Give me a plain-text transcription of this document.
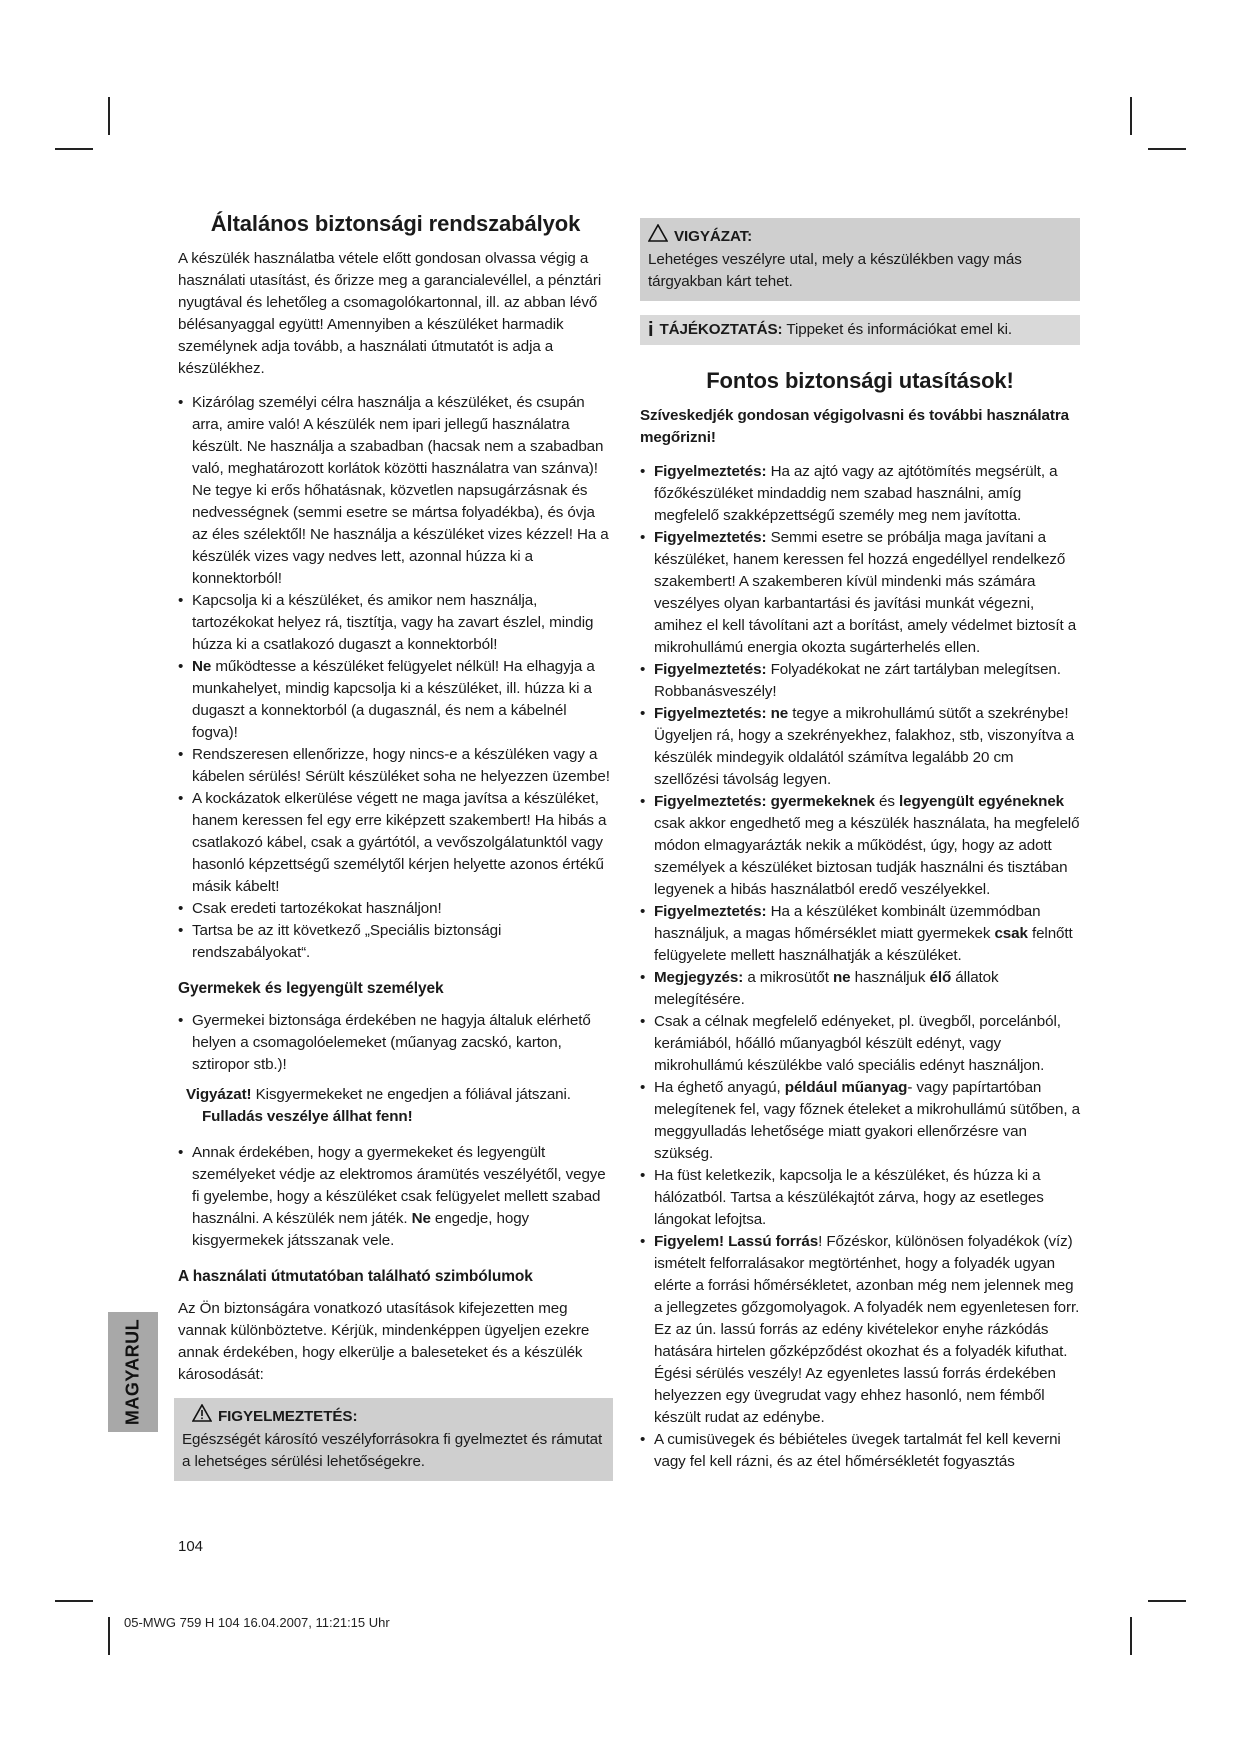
Általános biztonsági rendszabályok

A készülék használatba vétele előtt gondosan olvassa végig a használati utasítást, és őrizze meg a garancialevéllel, a pénztári nyugtával és lehetőleg a csomagolókartonnal, ill. az abban lévő bélésanyaggal együtt! Amennyiben a készüléket harmadik személynek adja tovább, a használati útmutatót is adja a készülékhez.

• Kizárólag személyi célra használja a készüléket, és csupán arra, amire való! A készülék nem ipari jellegű használatra készült. Ne használja a szabadban (hacsak nem a szabadban való, meghatározott korlátok közötti használatra van szánva)! Ne tegye ki erős hőhatásnak, közvetlen napsugárzásnak és nedvességnek (semmi esetre se mártsa folyadékba), és óvja az éles szélektől! Ne használja a készüléket vizes kézzel! Ha a készülék vizes vagy nedves lett, azonnal húzza ki a konnektorból!
• Kapcsolja ki a készüléket, és amikor nem használja, tartozékokat helyez rá, tisztítja, vagy ha zavart észlel, mindig húzza ki a csatlakozó dugaszt a konnektorból!
• Ne működtesse a készüléket felügyelet nélkül! Ha elhagyja a munkahelyet, mindig kapcsolja ki a készüléket, ill. húzza ki a dugaszt a konnektorból (a dugasznál, és nem a kábelnél fogva)!
• Rendszeresen ellenőrizze, hogy nincs-e a készüléken vagy a kábelen sérülés! Sérült készüléket soha ne helyezzen üzembe!
• A kockázatok elkerülése végett ne maga javítsa a készüléket, hanem keressen fel egy erre kiképzett szakembert! Ha hibás a csatlakozó kábel, csak a gyártótól, a vevőszolgálatunktól vagy hasonló képzettségű személytől kérjen helyette azonos értékű másik kábelt!
• Csak eredeti tartozékokat használjon!
• Tartsa be az itt következő „Speciális biztonsági rendszabályokat“.
Gyermekek és legyengült személyek
• Gyermekei biztonsága érdekében ne hagyja általuk elérhető helyen a csomagolóelemeket (műanyag zacskó, karton, sztiropor stb.)!
Vigyázat! Kisgyermekeket ne engedjen a fóliával játszani.
Fulladás veszélye állhat fenn!
• Annak érdekében, hogy a gyermekeket és legyengült személyeket védje az elektromos áramütés veszélyétől, vegye fi gyelembe, hogy a készüléket csak felügyelet mellett szabad használni. A készülék nem játék. Ne engedje, hogy kisgyermekek játsszanak vele.
A használati útmutatóban található szimbólumok

Az Ön biztonságára vonatkozó utasítások kifejezetten meg vannak különböztetve. Kérjük, mindenképpen ügyeljen ezekre annak érdekében, hogy elkerülje a baleseteket és a készülék károsodását:

FIGYELMEZTETÉS:
Egészségét károsító veszélyforrásokra fi gyelmeztet és rámutat a lehetséges sérülési lehetőségekre.
VIGYÁZAT:
Lehetéges veszélyre utal, mely a készülékben vagy más tárgyakban kárt tehet.
i TÁJÉKOZTATÁS: Tippeket és információkat emel ki.
Fontos biztonsági utasítások!

Szíveskedjék gondosan végigolvasni és további használatra megőrizni!

• Figyelmeztetés: Ha az ajtó vagy az ajtótömítés megsérült, a főzőkészüléket mindaddig nem szabad használni, amíg megfelelő szakképzettségű személy meg nem javította.
• Figyelmeztetés: Semmi esetre se próbálja maga javítani a készüléket, hanem keressen fel hozzá engedéllyel rendelkező szakembert! A szakemberen kívül mindenki más számára veszélyes olyan karbantartási és javítási munkát végezni, amihez el kell távolítani azt a borítást, amely védelmet biztosít a mikrohullámú energia okozta sugárterhelés ellen.
• Figyelmeztetés: Folyadékokat ne zárt tartályban melegítsen. Robbanásveszély!
• Figyelmeztetés: ne tegye a mikrohullámú sütőt a szekrénybe! Ügyeljen rá, hogy a szekrényekhez, falakhoz, stb, viszonyítva a készülék mindegyik oldalától számítva legalább 20 cm szellőzési távolság legyen.
• Figyelmeztetés: gyermekeknek és legyengült egyéneknek csak akkor engedhető meg a készülék használata, ha megfelelő módon elmagyarázták nekik a működést, úgy, hogy az adott személyek a készüléket biztosan tudják használni és tisztában legyenek a hibás használatból eredő veszélyekkel.
• Figyelmeztetés: Ha a készüléket kombinált üzemmódban használjuk, a magas hőmérséklet miatt gyermekek csak felnőtt felügyelete mellett használhatják a készüléket.
• Megjegyzés: a mikrosütőt ne használjuk élő állatok melegítésére.
• Csak a célnak megfelelő edényeket, pl. üvegből, porcelánból, kerámiából, hőálló műanyagból készült edényt, vagy mikrohullámú készülékbe való speciális edényt használjon.
• Ha éghető anyagú, például műanyag- vagy papírtartóban melegítenek fel, vagy főznek ételeket a mikrohullámú sütőben, a meggyulladás lehetősége miatt gyakori ellenőrzésre van szükség.
• Ha füst keletkezik, kapcsolja le a készüléket, és húzza ki a hálózatból. Tartsa a készülékajtót zárva, hogy az esetleges lángokat lefojtsa.
• Figyelem! Lassú forrás! Főzéskor, különösen folyadékok (víz) ismételt felforralásakor megtörténhet, hogy a folyadék ugyan elérte a forrási hőmérsékletet, azonban még nem jelennek meg a jellegzetes gőzgomolyagok. A folyadék nem egyenletesen forr. Ez az ún. lassú forrás az edény kivételekor enyhe rázkódás hatására hirtelen gőzképződést okozhat és a folyadék kifuthat. Égési sérülés veszély! Az egyenletes lassú forrás érdekében helyezzen egy üvegrudat vagy ehhez hasonló, nem fémből készült rudat az edénybe.
• A cumisüvegek és bébiételes üvegek tartalmát fel kell keverni vagy fel kell rázni, és az étel hőmérsékletét fogyasztás
MAGYARUL
104
05-MWG 759 H 104 16.04.2007, 11:21:15 Uhr
